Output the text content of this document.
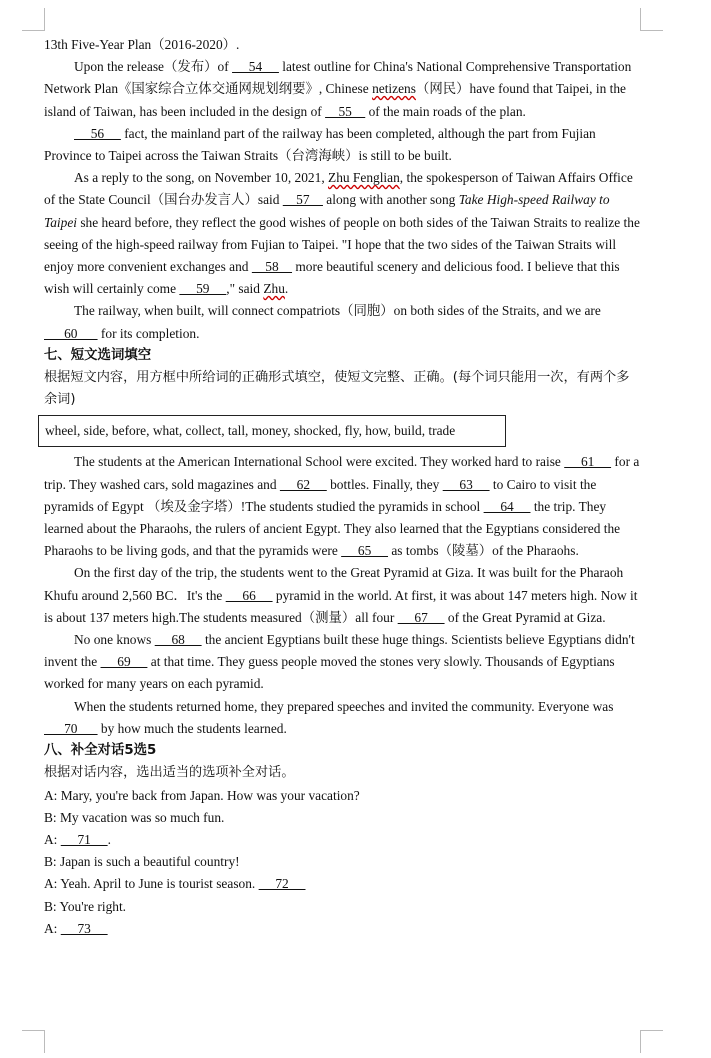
13th Five-Year Plan（2016-2020）.

Upon the release（发布）of      54      latest outline for China's National Comprehensive Transportation Network Plan《国家综合立体交通网规划纲要》, Chinese netizens（网民）have found that Taipei, in the island of Taiwan, has been included in the design of     55     of the main roads of the plan.

56      fact, the mainland part of the railway has been completed, although the part from Fujian Province to Taipei across the Taiwan Straits（台湾海峡）is still to be built.

As a reply to the song, on November 10, 2021, Zhu Fenglian, the spokesperson of Taiwan Affairs Office of the State Council（国台办发言人）said     57     along with another song Take High-speed Railway to Taipei she heard before, they reflect the good wishes of people on both sides of the Taiwan Straits to realize the seeing of the high-speed railway from Fujian to Taipei. "I hope that the two sides of the Taiwan Straits will enjoy more convenient exchanges and     58     more beautiful scenery and delicious food. I believe that this wish will certainly come      59     ," said Zhu.

The railway, when built, will connect compatriots（同胞）on both sides of the Straits, and we are       60       for its completion.

七、短文选词填空

根据短文内容，用方框中所给词的正确形式填空，使短文完整、正确。(每个词只能用一次，有两个多余词)

wheel, side, before, what, collect, tall, money, shocked, fly, how, build, trade

The students at the American International School were excited. They worked hard to raise      61      for a trip. They washed cars, sold magazines and      62      bottles. Finally, they      63      to Cairo to visit the pyramids of Egypt （埃及金字塔）!The students studied the pyramids in school      64      the trip. They learned about the Pharaohs, the rulers of ancient Egypt. They also learned that the Egyptians considered the Pharaohs to be living gods, and that the pyramids were      65      as tombs（陵墓）of the Pharaohs.

On the first day of the trip, the students went to the Great Pyramid at Giza. It was built for the Pharaoh Khufu around 2,560 BC．It's the      66      pyramid in the world. At first, it was about 147 meters high. Now it is about 137 meters high.The students measured（测量）all four      67      of the Great Pyramid at Giza.

No one knows      68      the ancient Egyptians built these huge things. Scientists believe Egyptians didn't invent the      69      at that time. They guess people moved the stones very slowly. Thousands of Egyptians worked for many years on each pyramid.

When the students returned home, they prepared speeches and invited the community. Everyone was       70       by how much the students learned.

八、补全对话5选5

根据对话内容，选出适当的选项补全对话。

A: Mary, you're back from Japan. How was your vacation?

B: My vacation was so much fun.

A:      71     .

B: Japan is such a beautiful country!

A: Yeah. April to June is tourist season.      72

B: You're right.

A:      73
